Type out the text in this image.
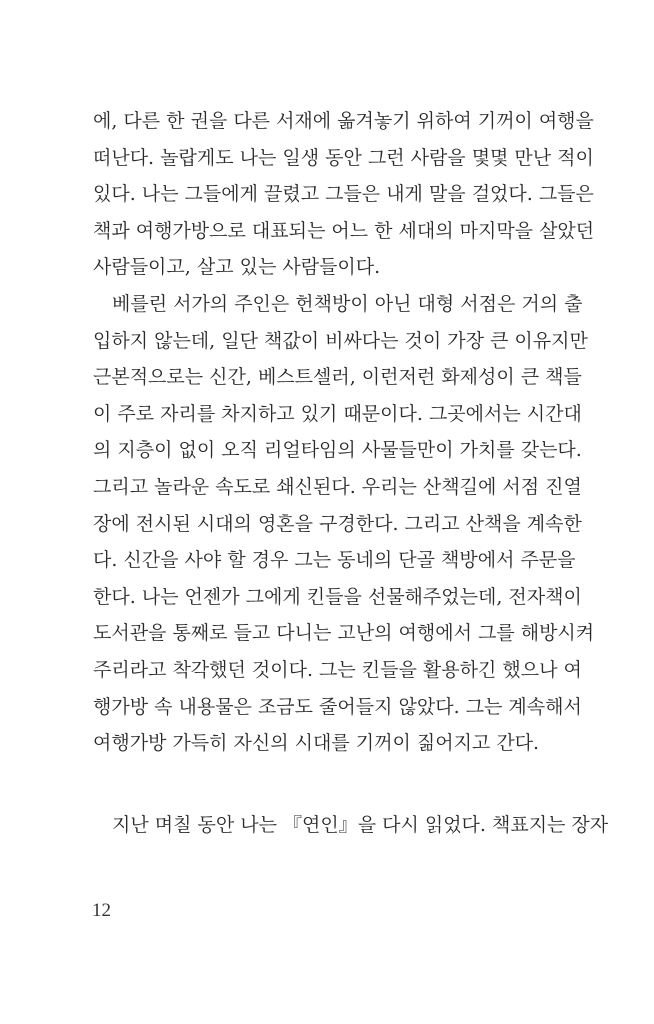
에, 다른 한 권을 다른 서재에 옮겨놓기 위하여 기꺼이 여행을
떠난다. 놀랍게도 나는 일생 동안 그런 사람을 몇몇 만난 적이
있다. 나는 그들에게 끌렸고 그들은 내게 말을 걸었다. 그들은
책과 여행가방으로 대표되는 어느 한 세대의 마지막을 살았던
사람들이고, 살고 있는 사람들이다.
베를린 서가의 주인은 헌책방이 아닌 대형 서점은 거의 출
입하지 않는데, 일단 책값이 비싸다는 것이 가장 큰 이유지만
근본적으로는 신간, 베스트셀러, 이런저런 화제성이 큰 책들
이 주로 자리를 차지하고 있기 때문이다. 그곳에서는 시간대
의 지층이 없이 오직 리얼타임의 사물들만이 가치를 갖는다.
그리고 놀라운 속도로 쇄신된다. 우리는 산책길에 서점 진열
장에 전시된 시대의 영혼을 구경한다. 그리고 산책을 계속한
다. 신간을 사야 할 경우 그는 동네의 단골 책방에서 주문을
한다. 나는 언젠가 그에게 킨들을 선물해주었는데, 전자책이
도서관을 통째로 들고 다니는 고난의 여행에서 그를 해방시켜
주리라고 착각했던 것이다. 그는 킨들을 활용하긴 했으나 여
행가방 속 내용물은 조금도 줄어들지 않았다. 그는 계속해서
여행가방 가득히 자신의 시대를 기꺼이 짊어지고 간다.
지난 며칠 동안 나는 『연인』을 다시 읽었다. 책표지는 장자
12
